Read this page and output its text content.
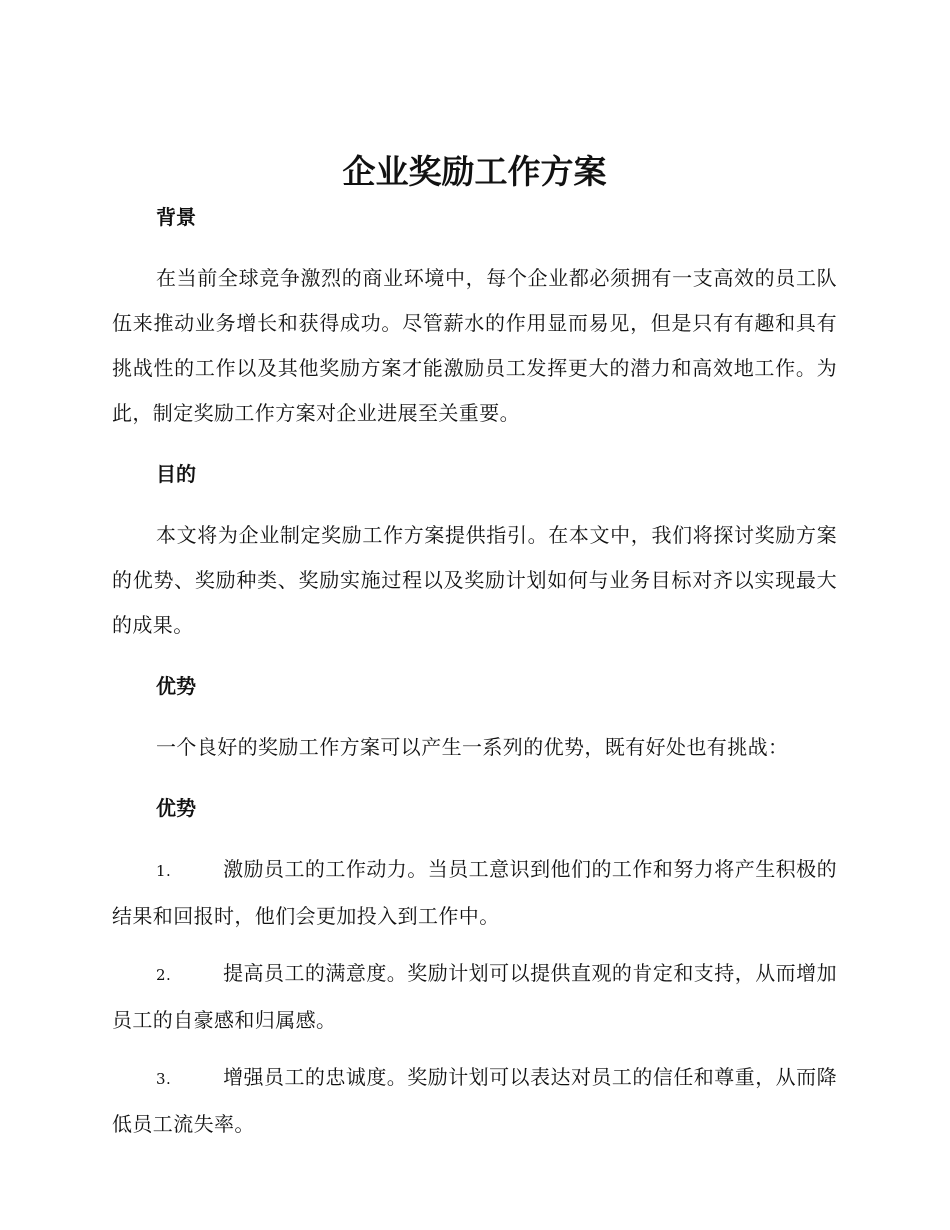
企业奖励工作方案

背景

在当前全球竞争激烈的商业环境中，每个企业都必须拥有一支高效的员工队伍来推动业务增长和获得成功。尽管薪水的作用显而易见，但是只有有趣和具有挑战性的工作以及其他奖励方案才能激励员工发挥更大的潜力和高效地工作。为此，制定奖励工作方案对企业进展至关重要。

目的

本文将为企业制定奖励工作方案提供指引。在本文中，我们将探讨奖励方案的优势、奖励种类、奖励实施过程以及奖励计划如何与业务目标对齐以实现最大的成果。

优势

一个良好的奖励工作方案可以产生一系列的优势，既有好处也有挑战：

优势

1.	激励员工的工作动力。当员工意识到他们的工作和努力将产生积极的结果和回报时，他们会更加投入到工作中。

2.	提高员工的满意度。奖励计划可以提供直观的肯定和支持，从而增加员工的自豪感和归属感。

3.	增强员工的忠诚度。奖励计划可以表达对员工的信任和尊重，从而降低员工流失率。
